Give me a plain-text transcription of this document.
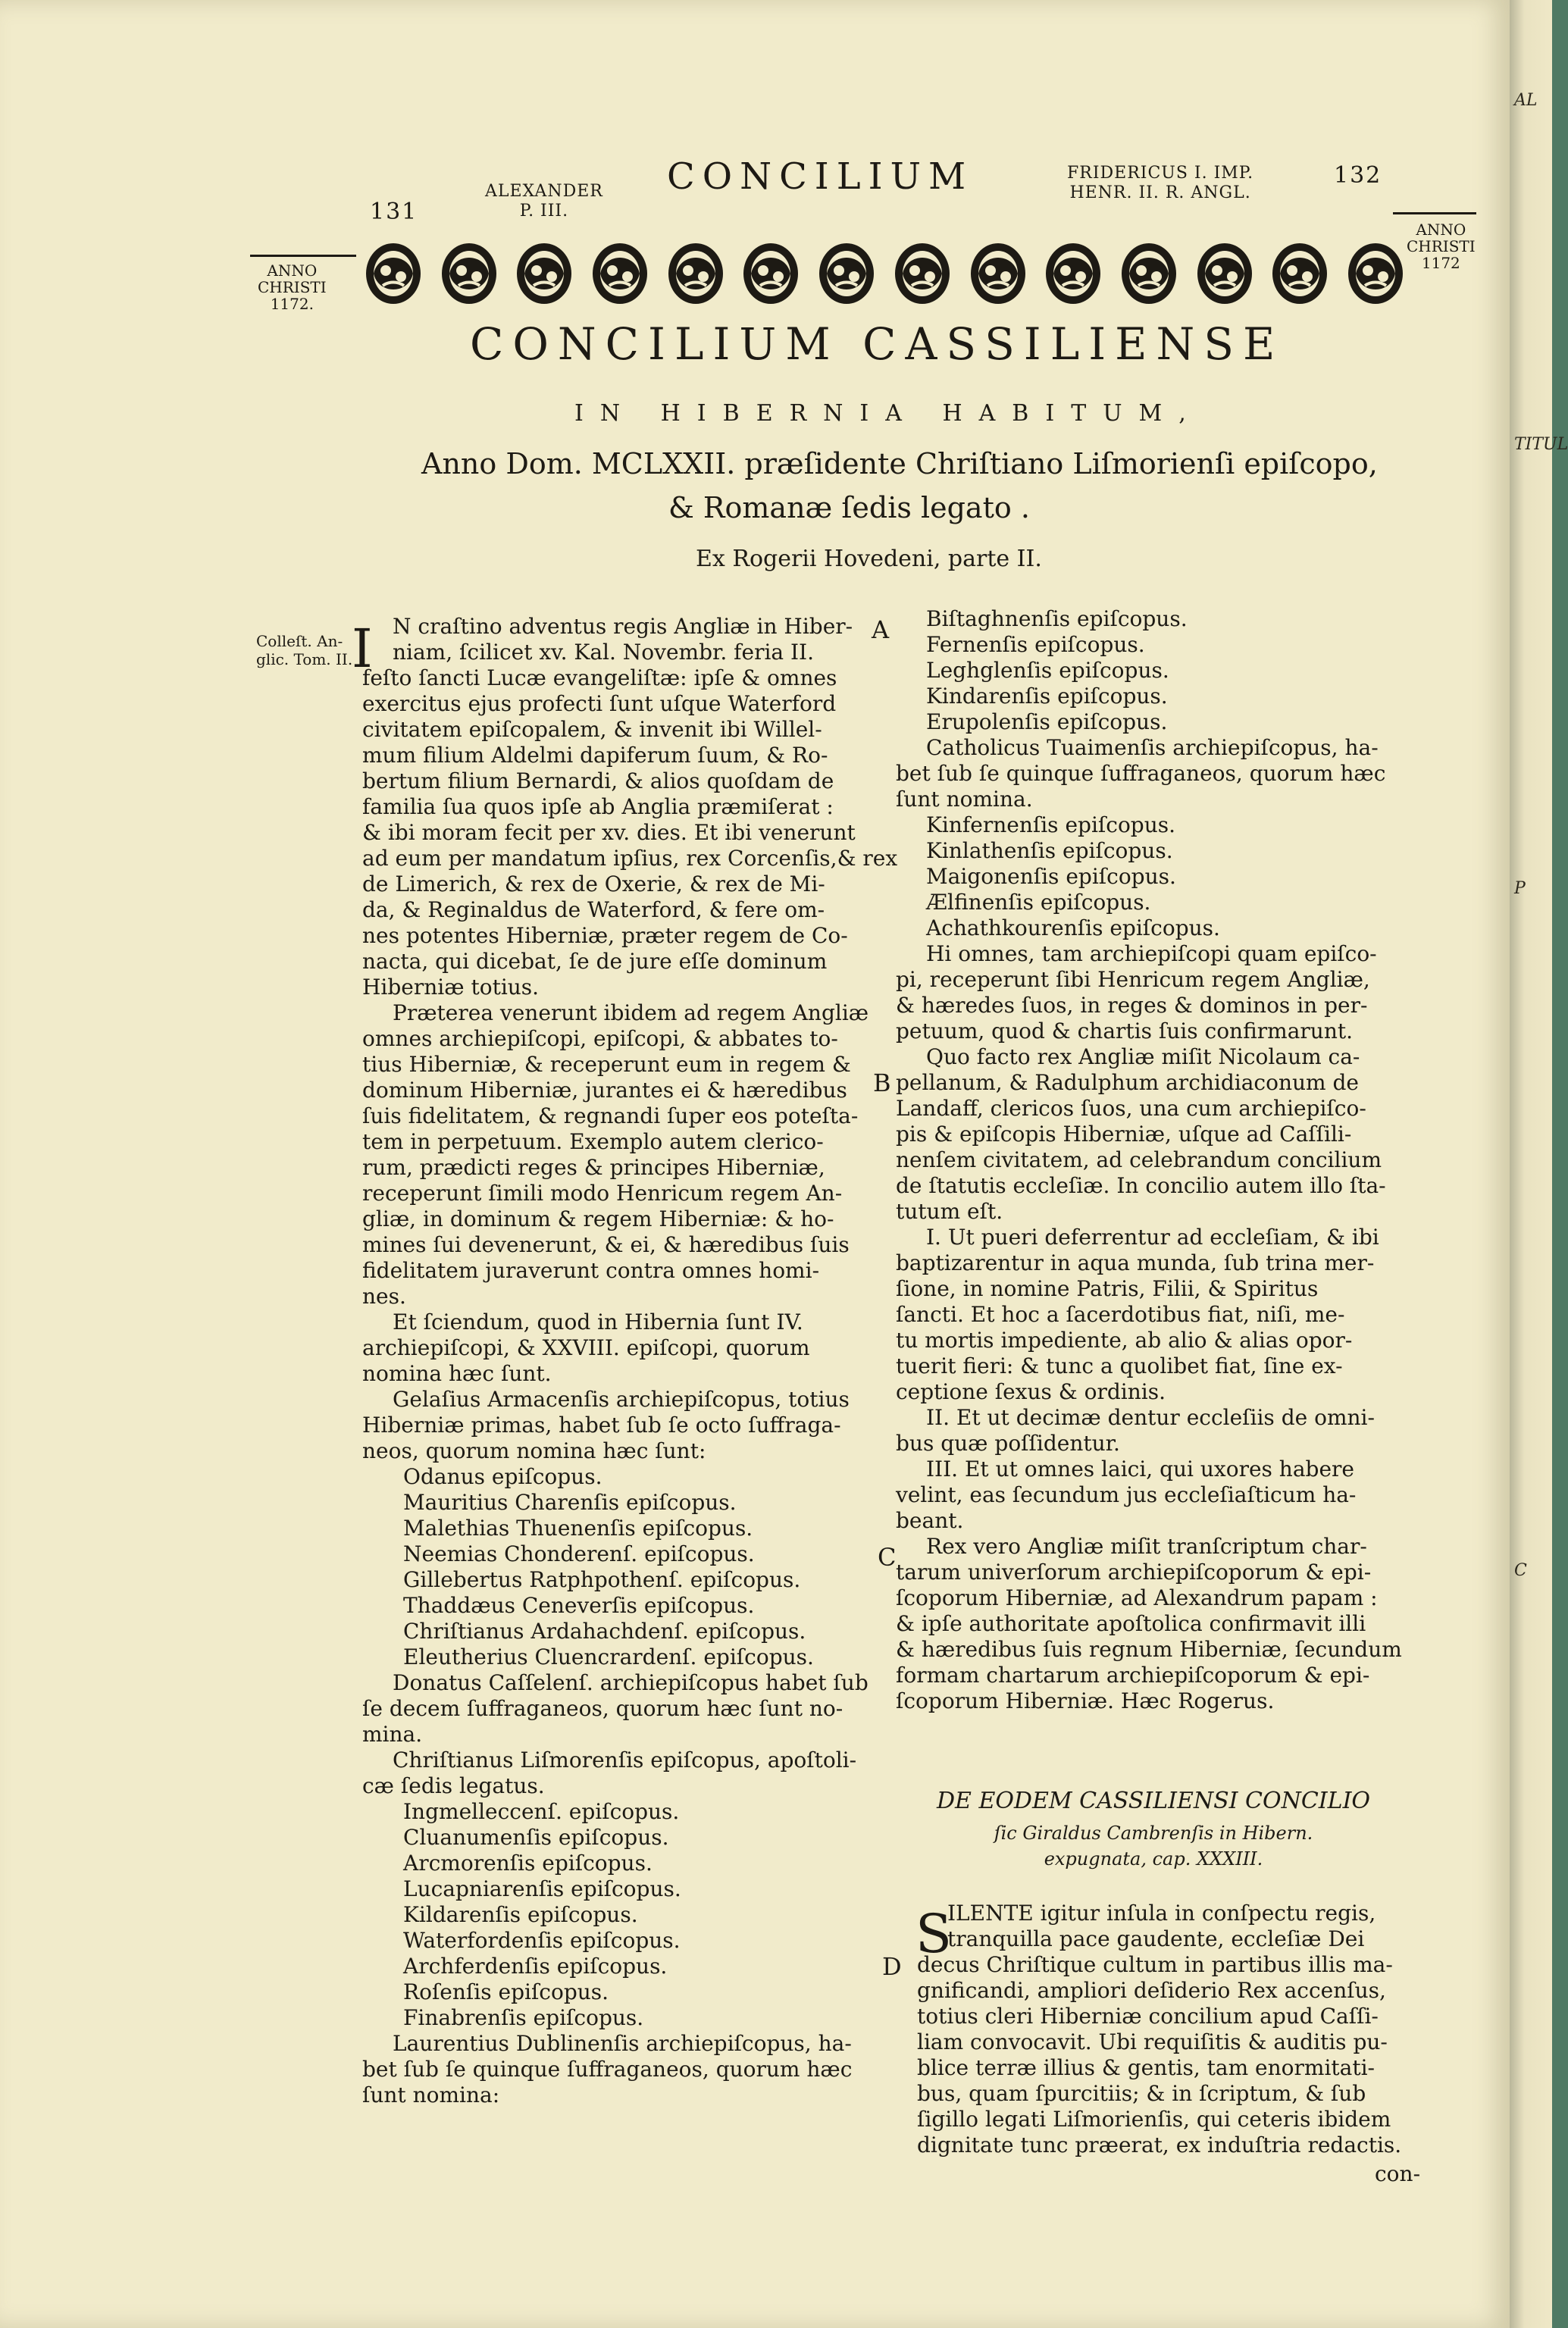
131
ALEXANDER
P. III.
CONCILIUM	FRIDERICUS I. IMP.
HENR. II. R. ANGL.
132
ANNO
CHRISTI
1172.
ANNO
CHRISTI
1172
CONCILIUM CASSILIENSE
IN HIBERNIA HABITUM,
Anno Dom. MCLXXII. præſidente Chriſtiano Liſmorienſi epiſcopo,
& Romanæ ſedis legato .
Ex Rogerii Hovedeni, parte II.
Colleſt. An-
glic. Tom. II.
A
B
C
D
I N craſtino adventus regis Angliæ in Hiber-
niam, ſcilicet xv. Kal. Novembr. feria II.
feſto ſancti Lucæ evangeliſtæ: ipſe & omnes
exercitus ejus profecti ſunt uſque Waterford
civitatem epiſcopalem, & invenit ibi Willel-
mum filium Aldelmi dapiferum ſuum, & Ro-
bertum filium Bernardi, & alios quoſdam de
familia ſua quos ipſe ab Anglia præmiſerat :
& ibi moram fecit per xv. dies. Et ibi venerunt
ad eum per mandatum ipſius, rex Corcenſis,& rex
de Limerich, & rex de Oxerie, & rex de Mi-
da, & Reginaldus de Waterford, & fere om-
nes potentes Hiberniæ, præter regem de Co-
nacta, qui dicebat, ſe de jure eſſe dominum
Hiberniæ totius.
Præterea venerunt ibidem ad regem Angliæ
omnes archiepiſcopi, epiſcopi, & abbates to-
tius Hiberniæ, & receperunt eum in regem &
dominum Hiberniæ, jurantes ei & hæredibus
ſuis fidelitatem, & regnandi ſuper eos poteſta-
tem in perpetuum. Exemplo autem clerico-
rum, prædicti reges & principes Hiberniæ,
receperunt ſimili modo Henricum regem An-
gliæ, in dominum & regem Hiberniæ: & ho-
mines ſui devenerunt, & ei, & hæredibus ſuis
fidelitatem juraverunt contra omnes homi-
nes.
Et ſciendum, quod in Hibernia ſunt IV.
archiepiſcopi, & XXVIII. epiſcopi, quorum
nomina hæc ſunt.
Gelaſius Armacenſis archiepiſcopus, totius
Hiberniæ primas, habet ſub ſe octo ſuffraga-
neos, quorum nomina hæc ſunt:
Odanus epiſcopus.
Mauritius Charenſis epiſcopus.
Malethias Thuenenſis epiſcopus.
Neemias Chonderenſ. epiſcopus.
Gillebertus Ratphpothenſ. epiſcopus.
Thaddæus Ceneverſis epiſcopus.
Chriſtianus Ardahachdenſ. epiſcopus.
Eleutherius Cluencrardenſ. epiſcopus.
Donatus Caſſelenſ. archiepiſcopus habet ſub
ſe decem ſuffraganeos, quorum hæc ſunt no-
mina.
Chriſtianus Liſmorenſis epiſcopus, apoſtoli-
cæ ſedis legatus.
Ingmelleccenſ. epiſcopus.
Cluanumenſis epiſcopus.
Arcmorenſis epiſcopus.
Lucapniarenſis epiſcopus.
Kildarenſis epiſcopus.
Waterfordenſis epiſcopus.
Archferdenſis epiſcopus.
Roſenſis epiſcopus.
Finabrenſis epiſcopus.
Laurentius Dublinenſis archiepiſcopus, ha-
bet ſub ſe quinque ſuffraganeos, quorum hæc
ſunt nomina:
Biſtaghnenſis epiſcopus.
Fernenſis epiſcopus.
Leghglenſis epiſcopus.
Kindarenſis epiſcopus.
Erupolenſis epiſcopus.
Catholicus Tuaimenſis archiepiſcopus, ha-
bet ſub ſe quinque ſuffraganeos, quorum hæc
ſunt nomina.
Kinfernenſis epiſcopus.
Kinlathenſis epiſcopus.
Maigonenſis epiſcopus.
Ælfinenſis epiſcopus.
Achathkourenſis epiſcopus.
Hi omnes, tam archiepiſcopi quam epiſco-
pi, receperunt ſibi Henricum regem Angliæ,
& hæredes ſuos, in reges & dominos in per-
petuum, quod & chartis ſuis confirmarunt.
Quo facto rex Angliæ miſit Nicolaum ca-
pellanum, & Radulphum archidiaconum de
Landaff, clericos ſuos, una cum archiepiſco-
pis & epiſcopis Hiberniæ, uſque ad Caſſili-
nenſem civitatem, ad celebrandum concilium
de ſtatutis eccleſiæ. In concilio autem illo ſta-
tutum eſt.
I. Ut pueri deferrentur ad eccleſiam, & ibi
baptizarentur in aqua munda, ſub trina mer-
ſione, in nomine Patris, Filii, & Spiritus
ſancti. Et hoc a ſacerdotibus fiat, niſi, me-
tu mortis impediente, ab alio & alias opor-
tuerit fieri: & tunc a quolibet fiat, ſine ex-
ceptione ſexus & ordinis.
II. Et ut decimæ dentur eccleſiis de omni-
bus quæ poſſidentur.
III. Et ut omnes laici, qui uxores habere
velint, eas ſecundum jus eccleſiaſticum ha-
beant.
Rex vero Angliæ miſit tranſcriptum char-
tarum univerſorum archiepiſcoporum & epi-
ſcoporum Hiberniæ, ad Alexandrum papam :
& ipſe authoritate apoſtolica confirmavit illi
& hæredibus ſuis regnum Hiberniæ, ſecundum
formam chartarum archiepiſcoporum & epi-
ſcoporum Hiberniæ. Hæc Rogerus.
DE EODEM CASSILIENSI CONCILIO
ſic Giraldus Cambrenſis in Hibern.
expugnata, cap. XXXIII.
S
ILENTE igitur inſula in conſpectu regis,
tranquilla pace gaudente, eccleſiæ Dei
decus Chriſtique cultum in partibus illis ma-
gnificandi, ampliori deſiderio Rex accenſus,
totius cleri Hiberniæ concilium apud Caſſi-
liam convocavit. Ubi requiſitis & auditis pu-
blice terræ illius & gentis, tam enormitati-
bus, quam ſpurcitiis; & in ſcriptum, & ſub
ſigillo legati Liſmorienſis, qui ceteris ibidem
dignitate tunc præerat, ex induſtria redactis.
con-
AL
TITUL
P
C
